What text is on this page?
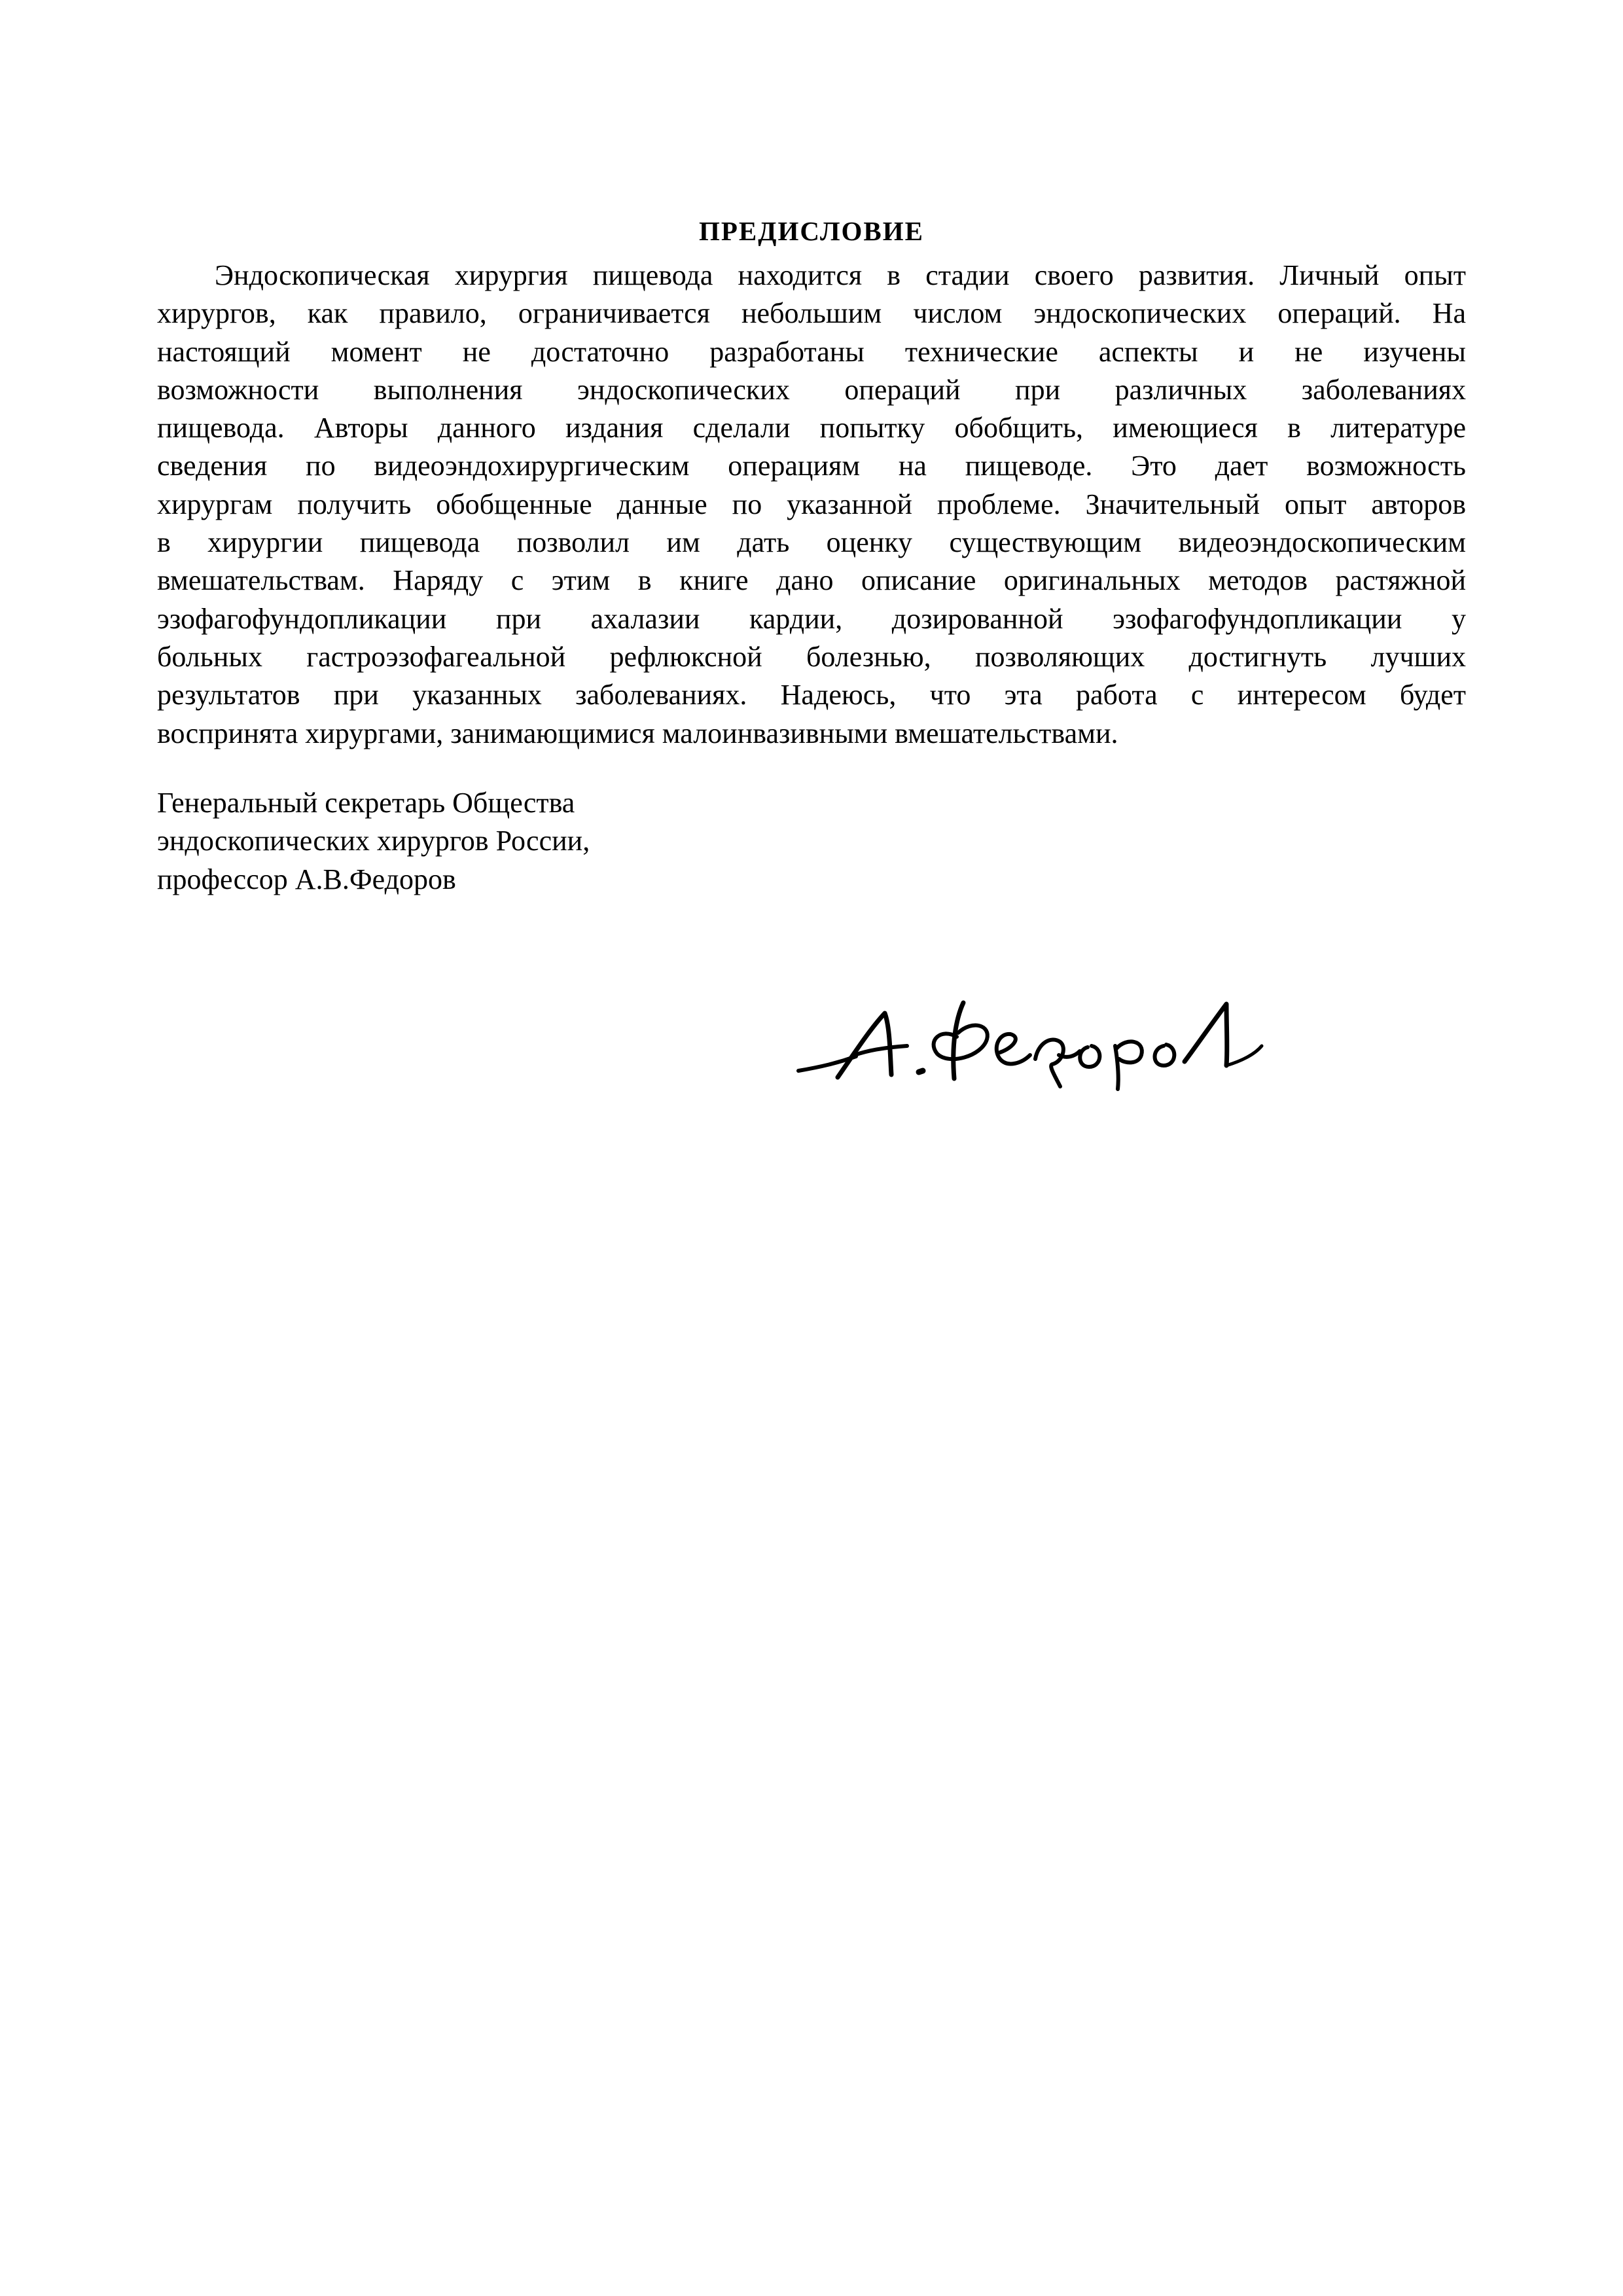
ПРЕДИСЛОВИЕ
Эндоскопическая хирургия пищевода находится в стадии своего развития. Личный опыт
хирургов, как правило, ограничивается небольшим числом эндоскопических операций. На
настоящий момент не достаточно разработаны технические аспекты и не изучены
возможности выполнения эндоскопических операций при различных заболеваниях
пищевода. Авторы данного издания сделали попытку обобщить, имеющиеся в литературе
сведения по видеоэндохирургическим операциям на пищеводе. Это дает возможность
хирургам получить обобщенные данные по указанной проблеме. Значительный опыт авторов
в хирургии пищевода позволил им дать оценку существующим видеоэндоскопическим
вмешательствам. Наряду с этим в книге дано описание оригинальных методов растяжной
эзофагофундопликации при ахалазии кардии, дозированной эзофагофундопликации у
больных гастроэзофагеальной рефлюксной болезнью, позволяющих достигнуть лучших
результатов при указанных заболеваниях. Надеюсь, что эта работа с интересом будет
воспринята хирургами, занимающимися малоинвазивными вмешательствами.
Генеральный секретарь Общества
эндоскопических хирургов России,
профессор А.В.Федоров
